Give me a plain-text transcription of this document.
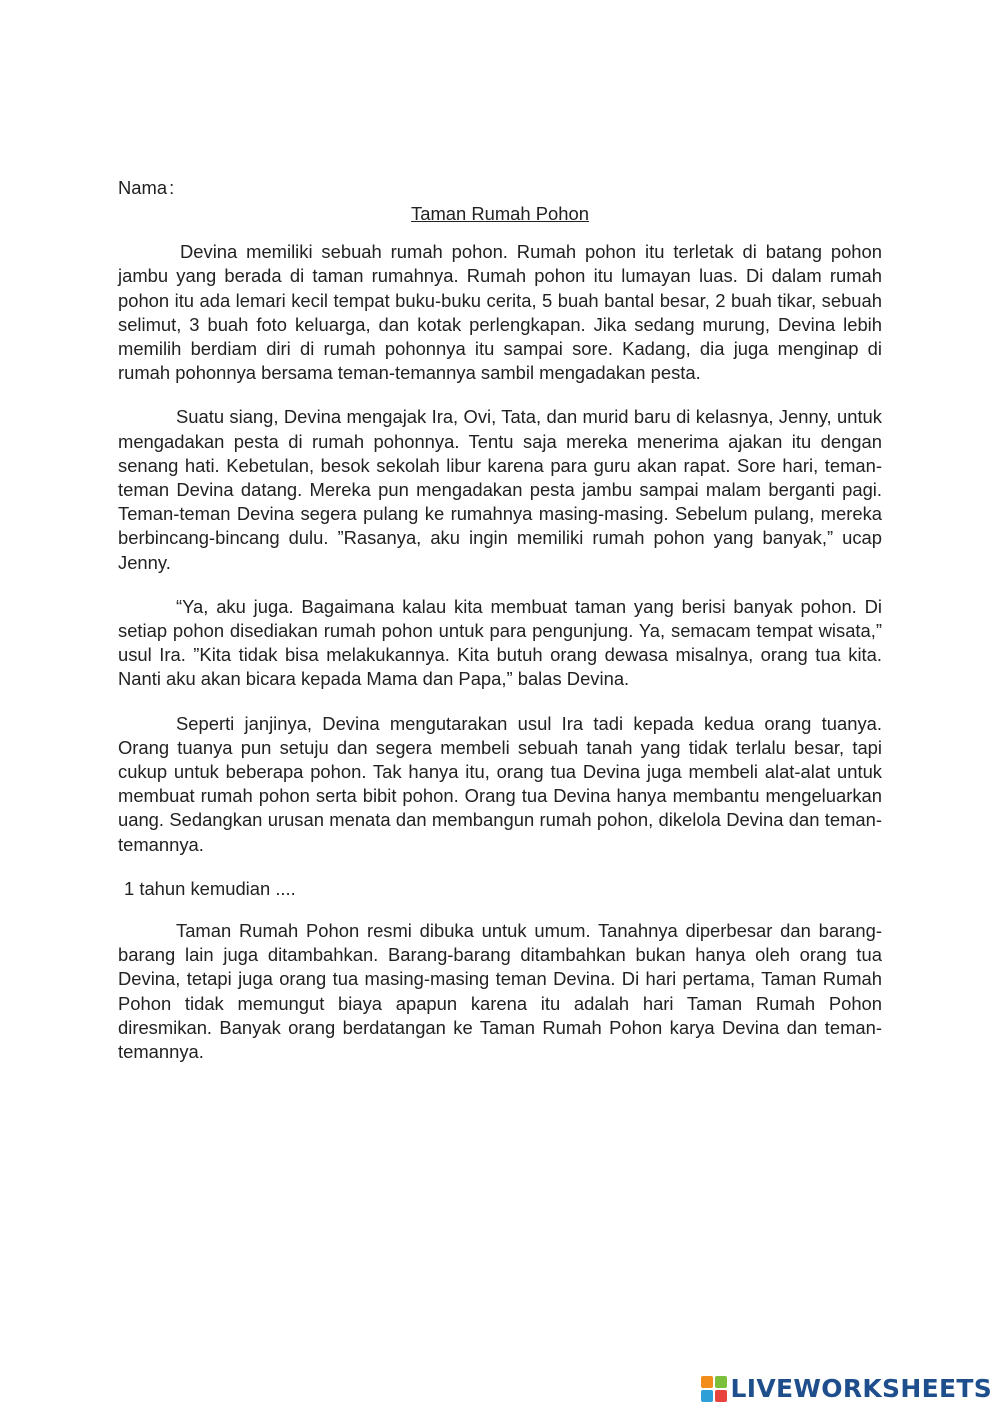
Nama :

Taman Rumah Pohon

Devina memiliki sebuah rumah pohon. Rumah pohon itu terletak di batang pohon jambu yang berada di taman rumahnya. Rumah pohon itu lumayan luas. Di dalam rumah pohon itu ada lemari kecil tempat buku-buku cerita, 5 buah bantal besar, 2 buah tikar, sebuah selimut, 3 buah foto keluarga, dan kotak perlengkapan. Jika sedang murung, Devina lebih memilih berdiam diri di rumah pohonnya itu sampai sore. Kadang, dia juga menginap di rumah pohonnya bersama teman-temannya sambil mengadakan pesta.

Suatu siang, Devina mengajak Ira, Ovi, Tata, dan murid baru di kelasnya, Jenny, untuk mengadakan pesta di rumah pohonnya. Tentu saja mereka menerima ajakan itu dengan senang hati. Kebetulan, besok sekolah libur karena para guru akan rapat. Sore hari, teman-teman Devina datang. Mereka pun mengadakan pesta jambu sampai malam berganti pagi. Teman-teman Devina segera pulang ke rumahnya masing-masing. Sebelum pulang, mereka berbincang-bincang dulu. ”Rasanya, aku ingin memiliki rumah pohon yang banyak,” ucap Jenny.

“Ya, aku juga. Bagaimana kalau kita membuat taman yang berisi banyak pohon. Di setiap pohon disediakan rumah pohon untuk para pengunjung. Ya, semacam tempat wisata,” usul Ira. ”Kita tidak bisa melakukannya. Kita butuh orang dewasa misalnya, orang tua kita. Nanti aku akan bicara kepada Mama dan Papa,” balas Devina.

Seperti janjinya, Devina mengutarakan usul Ira tadi kepada kedua orang tuanya. Orang tuanya pun setuju dan segera membeli sebuah tanah yang tidak terlalu besar, tapi cukup untuk beberapa pohon. Tak hanya itu, orang tua Devina juga membeli alat-alat untuk membuat rumah pohon serta bibit pohon. Orang tua Devina hanya membantu mengeluarkan uang. Sedangkan urusan menata dan membangun rumah pohon, dikelola Devina dan teman-temannya.

1 tahun kemudian ....

Taman Rumah Pohon resmi dibuka untuk umum. Tanahnya diperbesar dan barang-barang lain juga ditambahkan. Barang-barang ditambahkan bukan hanya oleh orang tua Devina, tetapi juga orang tua masing-masing teman Devina. Di hari pertama, Taman Rumah Pohon tidak memungut biaya apapun karena itu adalah hari Taman Rumah Pohon diresmikan. Banyak orang berdatangan ke Taman Rumah Pohon karya Devina dan teman-temannya.

LIVEWORKSHEETS
